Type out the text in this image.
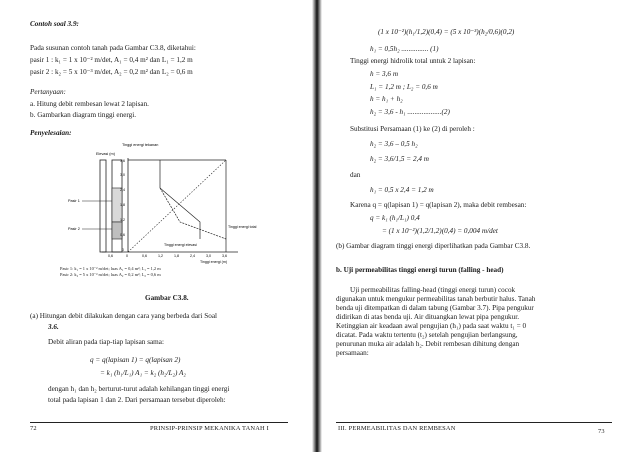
Contoh soal 3.9:
Pada susunan contoh tanah pada Gambar C3.8, diketahui:
pasir 1 : k₁ = 1 x 10⁻² m/det, A₁ = 0,4 m² dan L₁ = 1,2 m
pasir 2 : k₂ = 5 x 10⁻³ m/det, A₂ = 0,2 m² dan L₂ = 0,6 m
Pertanyaan:
a. Hitung debit rembesan lewat 2 lapisan.
b. Gambarkan diagram tinggi energi.
Penyelesaian:
Tinggi energi tekanan
Elevasi (m)
3,6
3,0
2,4
1,8
1,2
0,6
0
0,6	0	0,6	1,2	1,8	2,4	3,0	3,6
Tinggi energi (m)
Pasir 1
Pasir 2	Tinggi energi total
Tinggi energi elevasi
Pasir 1: k₁ = 1 x 10⁻² m/det; luas A₁ = 0,4 m²; L₁ = 1,2 m
Pasir 2: k₂ = 5 x 10⁻³ m/det; luas A₂ = 0,2 m²; L₂ = 0,6 m
Gambar C3.8.
(a) Hitungan debit dilakukan dengan cara yang berbeda dari Soal
3.6.
Debit aliran pada tiap-tiap lapisan sama:
q = q(lapisan 1) = q(lapisan 2)
= k₁ (h₁/L₁) A₁ = k₂ (h₂/L₂) A₂
dengan h₁ dan h₂ berturut-turut adalah kehilangan tinggi energi
total pada lapisan 1 dan 2. Dari persamaan tersebut diperoleh:
72	PRINSIP-PRINSIP MEKANIKA TANAH I
(1 x 10⁻²)(h₁/1,2)(0,4) = (5 x 10⁻³)(h₂/0,6)(0,2)
h₁ = 0,5h₂ ............... (1)
Tinggi energi hidrolik total untuk 2 lapisan:
h = 3,6 m
L₁ = 1,2 m ; L₂ = 0,6 m
h = h₁ + h₂
h₂ = 3,6 - h₁ ...................(2)
Substitusi Persamaan (1) ke (2) di peroleh :
h₂ = 3,6 – 0,5 h₂
h₂ = 3,6/1,5 = 2,4 m
dan
h₁ = 0,5 x 2,4 = 1,2 m
Karena q = q(lapisan 1) = q(lapisan 2), maka debit rembesan:
q = k₁ (h₁/L₁) 0,4
= (1 x 10⁻²)(1,2/1,2)(0,4) = 0,004 m/det
(b) Gambar diagram tinggi energi diperlihatkan pada Gambar C3.8.
b. Uji permeabilitas tinggi energi turun (falling - head)
Uji permeabilitas falling-head (tinggi energi turun) cocok
digunakan untuk mengukur permeabilitas tanah berbutir halus. Tanah
benda uji ditempatkan di dalam tabung (Gambar 3.7). Pipa pengukur
didirikan di atas benda uji. Air dituangkan lewat pipa pengukur.
Ketinggian air keadaan awal pengujian (h₁) pada saat waktu t₁ = 0
dicatat. Pada waktu tertentu (t₂) setelah pengujian berlangsung,
penurunan muka air adalah h₂. Debit rembesan dihitung dengan
persamaan:
III. PERMEABILITAS DAN REMBESAN	73
